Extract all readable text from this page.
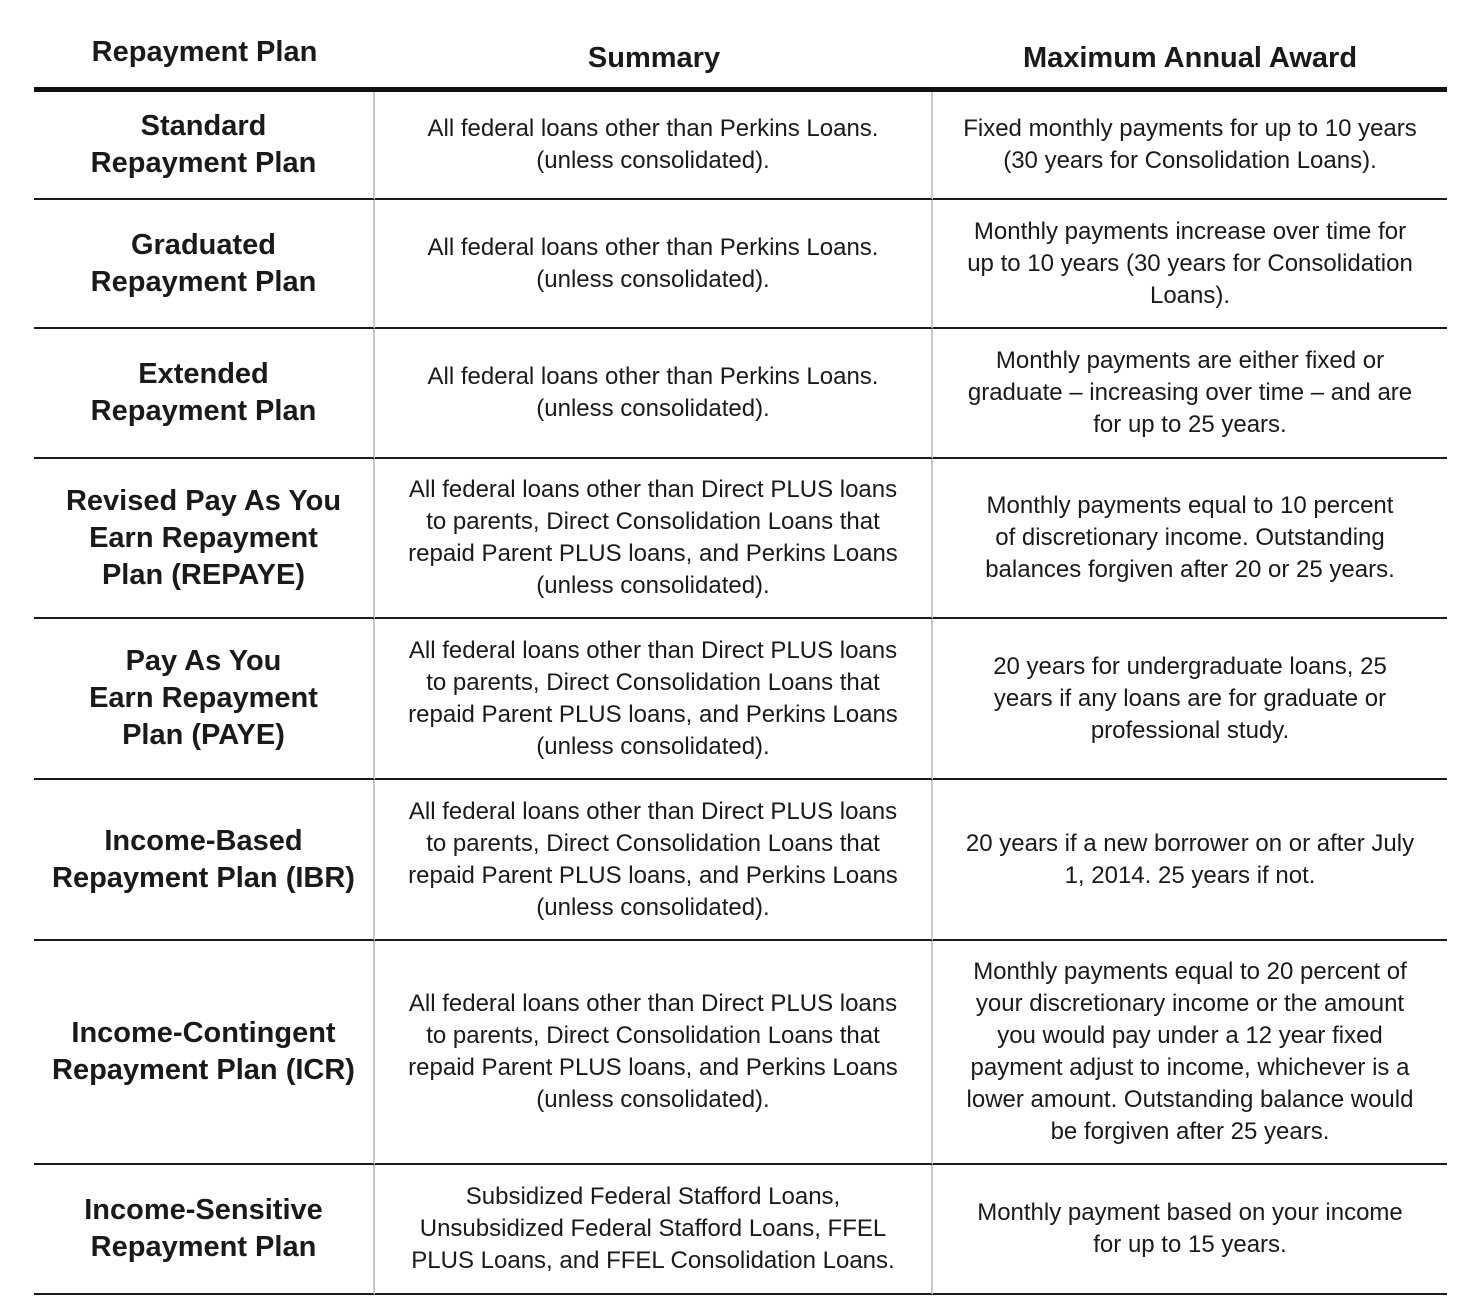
Repayment Plan	Summary	Maximum Annual Award
Standard
Repayment Plan
All federal loans other than Perkins Loans.
(unless consolidated).
Fixed monthly payments for up to 10 years
(30 years for Consolidation Loans).
Graduated
Repayment Plan
All federal loans other than Perkins Loans.
(unless consolidated).
Monthly payments increase over time for
up to 10 years (30 years for Consolidation
Loans).
Extended
Repayment Plan
All federal loans other than Perkins Loans.
(unless consolidated).
Monthly payments are either fixed or
graduate – increasing over time – and are
for up to 25 years.
Revised Pay As You
Earn Repayment
Plan (REPAYE)
All federal loans other than Direct PLUS loans
to parents, Direct Consolidation Loans that
repaid Parent PLUS loans, and Perkins Loans
(unless consolidated).
Monthly payments equal to 10 percent
of discretionary income. Outstanding
balances forgiven after 20 or 25 years.
Pay As You
Earn Repayment
Plan (PAYE)
All federal loans other than Direct PLUS loans
to parents, Direct Consolidation Loans that
repaid Parent PLUS loans, and Perkins Loans
(unless consolidated).
20 years for undergraduate loans, 25
years if any loans are for graduate or
professional study.
Income-Based
Repayment Plan (IBR)
All federal loans other than Direct PLUS loans
to parents, Direct Consolidation Loans that
repaid Parent PLUS loans, and Perkins Loans
(unless consolidated).
20 years if a new borrower on or after July
1, 2014. 25 years if not.
Income-Contingent
Repayment Plan (ICR)
All federal loans other than Direct PLUS loans
to parents, Direct Consolidation Loans that
repaid Parent PLUS loans, and Perkins Loans
(unless consolidated).
Monthly payments equal to 20 percent of
your discretionary income or the amount
you would pay under a 12 year fixed
payment adjust to income, whichever is a
lower amount. Outstanding balance would
be forgiven after 25 years.
Income-Sensitive
Repayment Plan
Subsidized Federal Stafford Loans,
Unsubsidized Federal Stafford Loans, FFEL
PLUS Loans, and FFEL Consolidation Loans.
Monthly payment based on your income
for up to 15 years.
